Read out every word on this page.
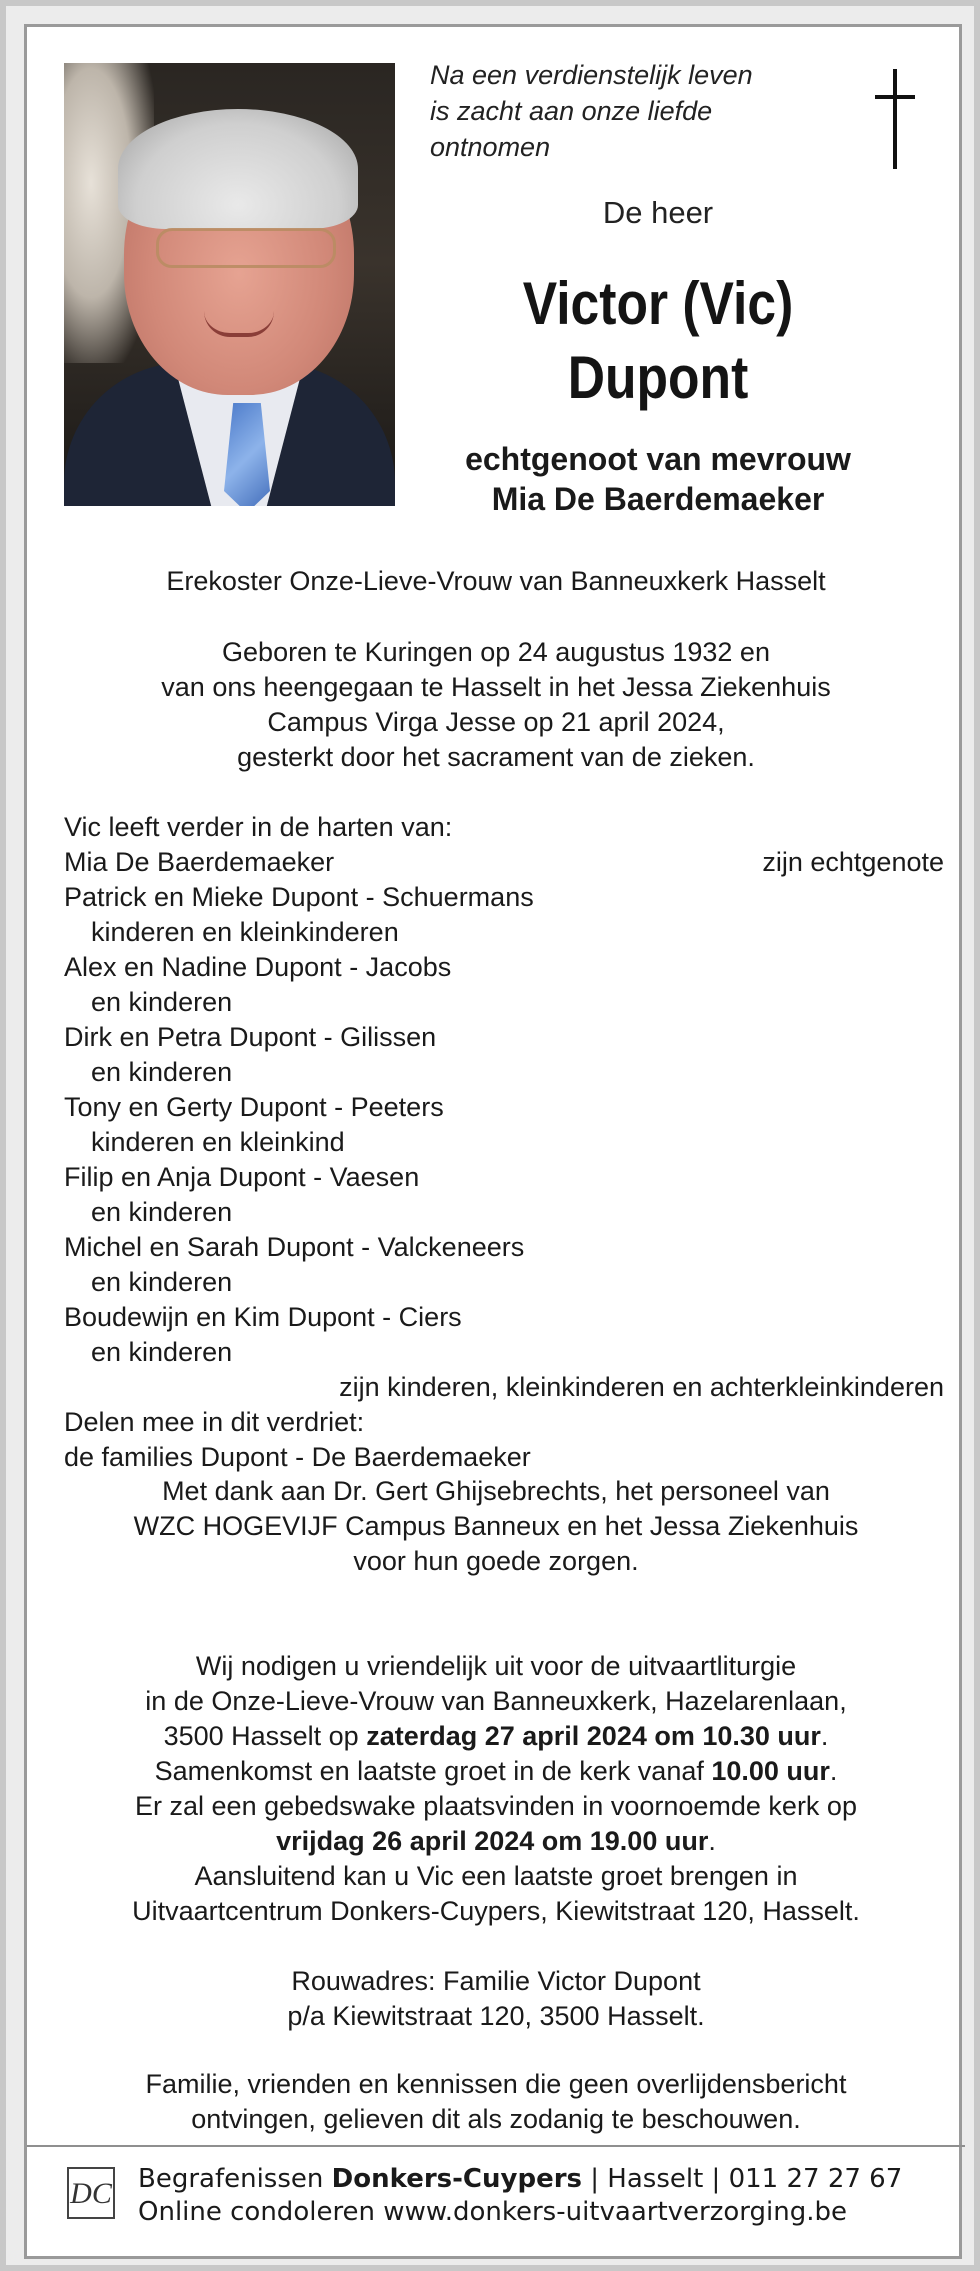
Na een verdienstelijk leven
is zacht aan onze liefde
ontnomen
De heer
Victor (Vic)
Dupont
echtgenoot van mevrouw
Mia De Baerdemaeker
Erekoster Onze-Lieve-Vrouw van Banneuxkerk Hasselt
Geboren te Kuringen op 24 augustus 1932 en
van ons heengegaan te Hasselt in het Jessa Ziekenhuis
Campus Virga Jesse op 21 april 2024,
gesterkt door het sacrament van de zieken.
Vic leeft verder in de harten van:
Mia De Baerdemaeker	zijn echtgenote
Patrick en Mieke Dupont - Schuermans
kinderen en kleinkinderen
Alex en Nadine Dupont - Jacobs
en kinderen
Dirk en Petra Dupont - Gilissen
en kinderen
Tony en Gerty Dupont - Peeters
kinderen en kleinkind
Filip en Anja Dupont - Vaesen
en kinderen
Michel en Sarah Dupont - Valckeneers
en kinderen
Boudewijn en Kim Dupont - Ciers
en kinderen
zijn kinderen, kleinkinderen en achterkleinkinderen
Delen mee in dit verdriet:
de families Dupont - De Baerdemaeker
Met dank aan Dr. Gert Ghijsebrechts, het personeel van
WZC HOGEVIJF Campus Banneux en het Jessa Ziekenhuis
voor hun goede zorgen.
Wij nodigen u vriendelijk uit voor de uitvaartliturgie
in de Onze-Lieve-Vrouw van Banneuxkerk, Hazelarenlaan,
3500 Hasselt op zaterdag 27 april 2024 om 10.30 uur.
Samenkomst en laatste groet in de kerk vanaf 10.00 uur.
Er zal een gebedswake plaatsvinden in voornoemde kerk op
vrijdag 26 april 2024 om 19.00 uur.
Aansluitend kan u Vic een laatste groet brengen in
Uitvaartcentrum Donkers-Cuypers, Kiewitstraat 120, Hasselt.
Rouwadres: Familie Victor Dupont
p/a Kiewitstraat 120, 3500 Hasselt.
Familie, vrienden en kennissen die geen overlijdensbericht
ontvingen, gelieven dit als zodanig te beschouwen.
DC Begrafenissen Donkers-Cuypers | Hasselt | 011 27 27 67
Online condoleren www.donkers-uitvaartverzorging.be
